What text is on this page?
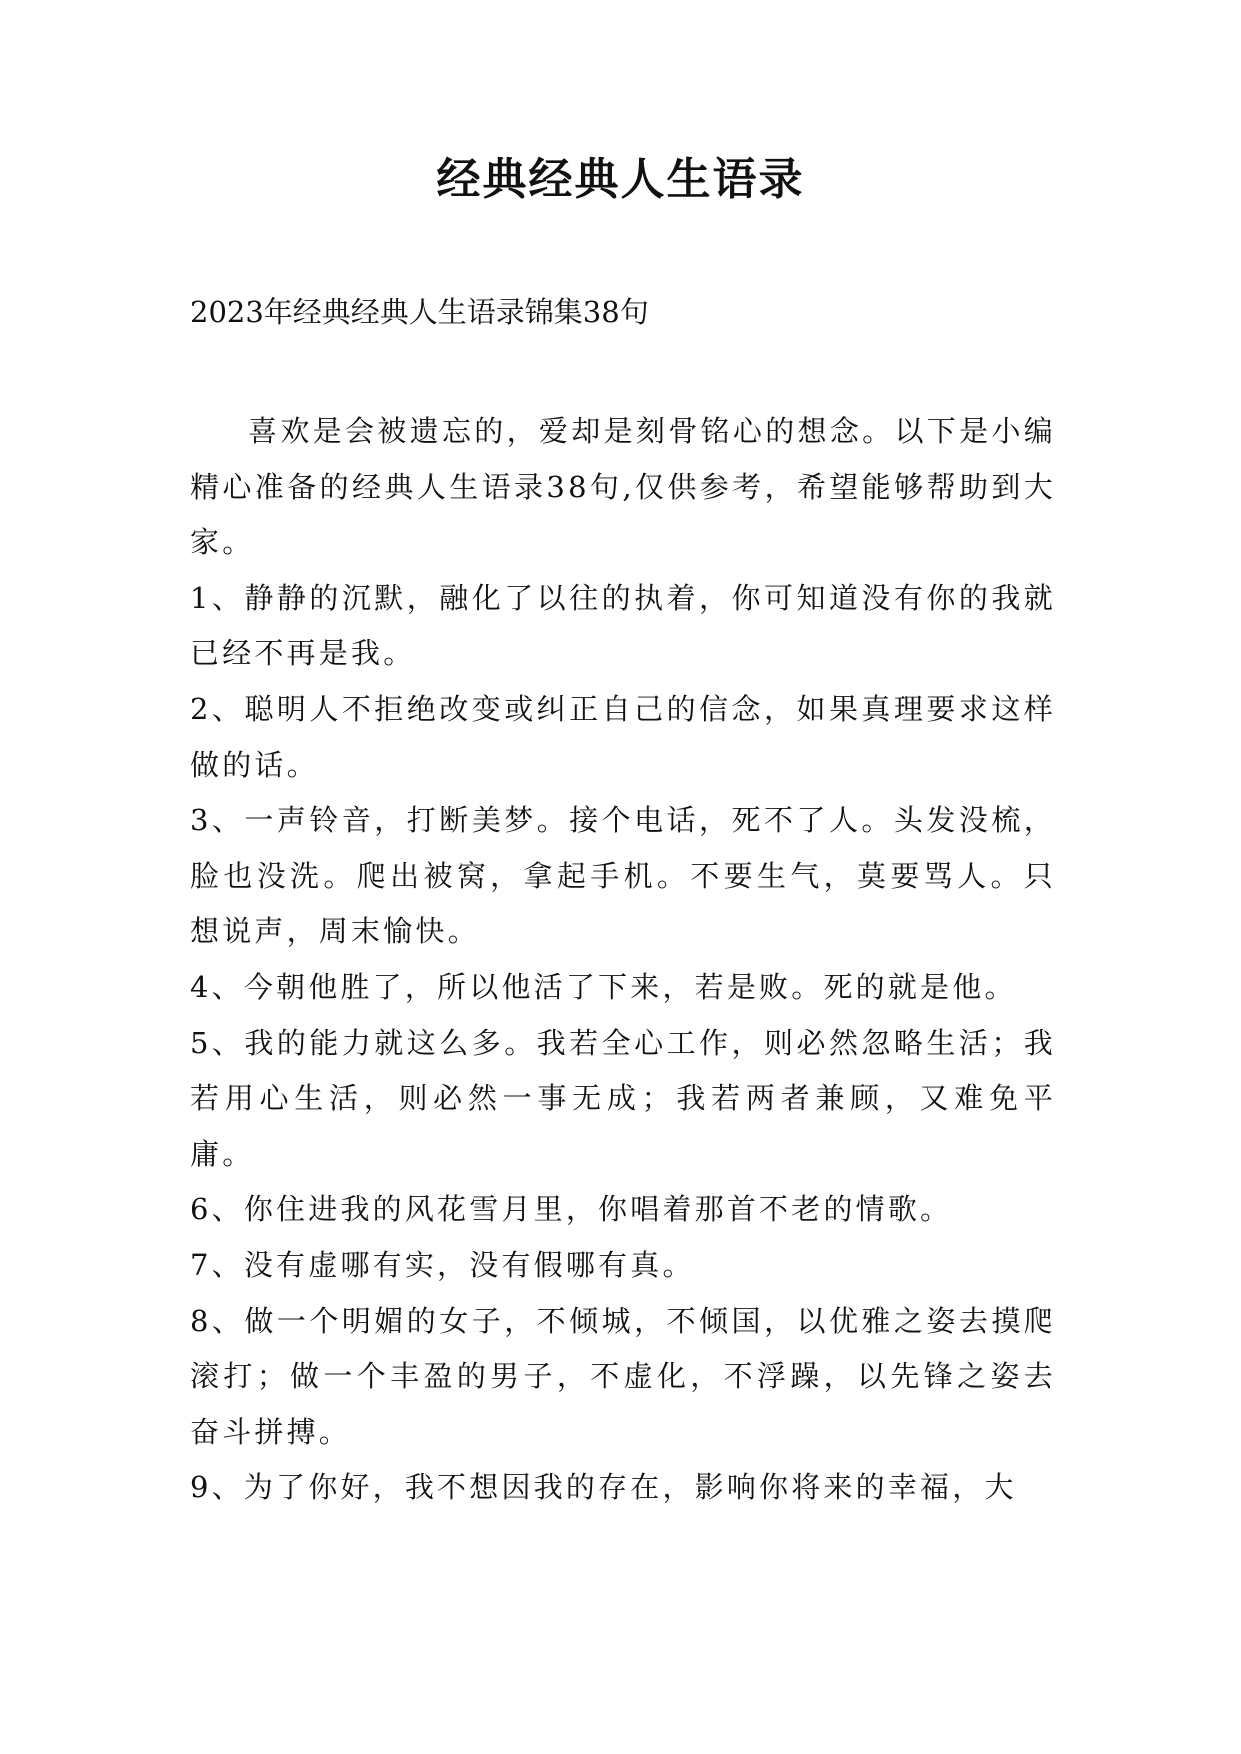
经典经典人生语录

2023年经典经典人生语录锦集38句

喜欢是会被遗忘的，爱却是刻骨铭心的想念。以下是小编精心准备的经典人生语录38句,仅供参考，希望能够帮助到大家。

1、静静的沉默，融化了以往的执着，你可知道没有你的我就已经不再是我。

2、聪明人不拒绝改变或纠正自己的信念，如果真理要求这样做的话。

3、一声铃音，打断美梦。接个电话，死不了人。头发没梳，脸也没洗。爬出被窝，拿起手机。不要生气，莫要骂人。只想说声，周末愉快。

4、今朝他胜了，所以他活了下来，若是败。死的就是他。

5、我的能力就这么多。我若全心工作，则必然忽略生活；我若用心生活，则必然一事无成；我若两者兼顾，又难免平庸。

6、你住进我的风花雪月里，你唱着那首不老的情歌。

7、没有虚哪有实，没有假哪有真。

8、做一个明媚的女子，不倾城，不倾国，以优雅之姿去摸爬滚打；做一个丰盈的男子，不虚化，不浮躁，以先锋之姿去奋斗拼搏。

9、为了你好，我不想因我的存在，影响你将来的幸福，大
